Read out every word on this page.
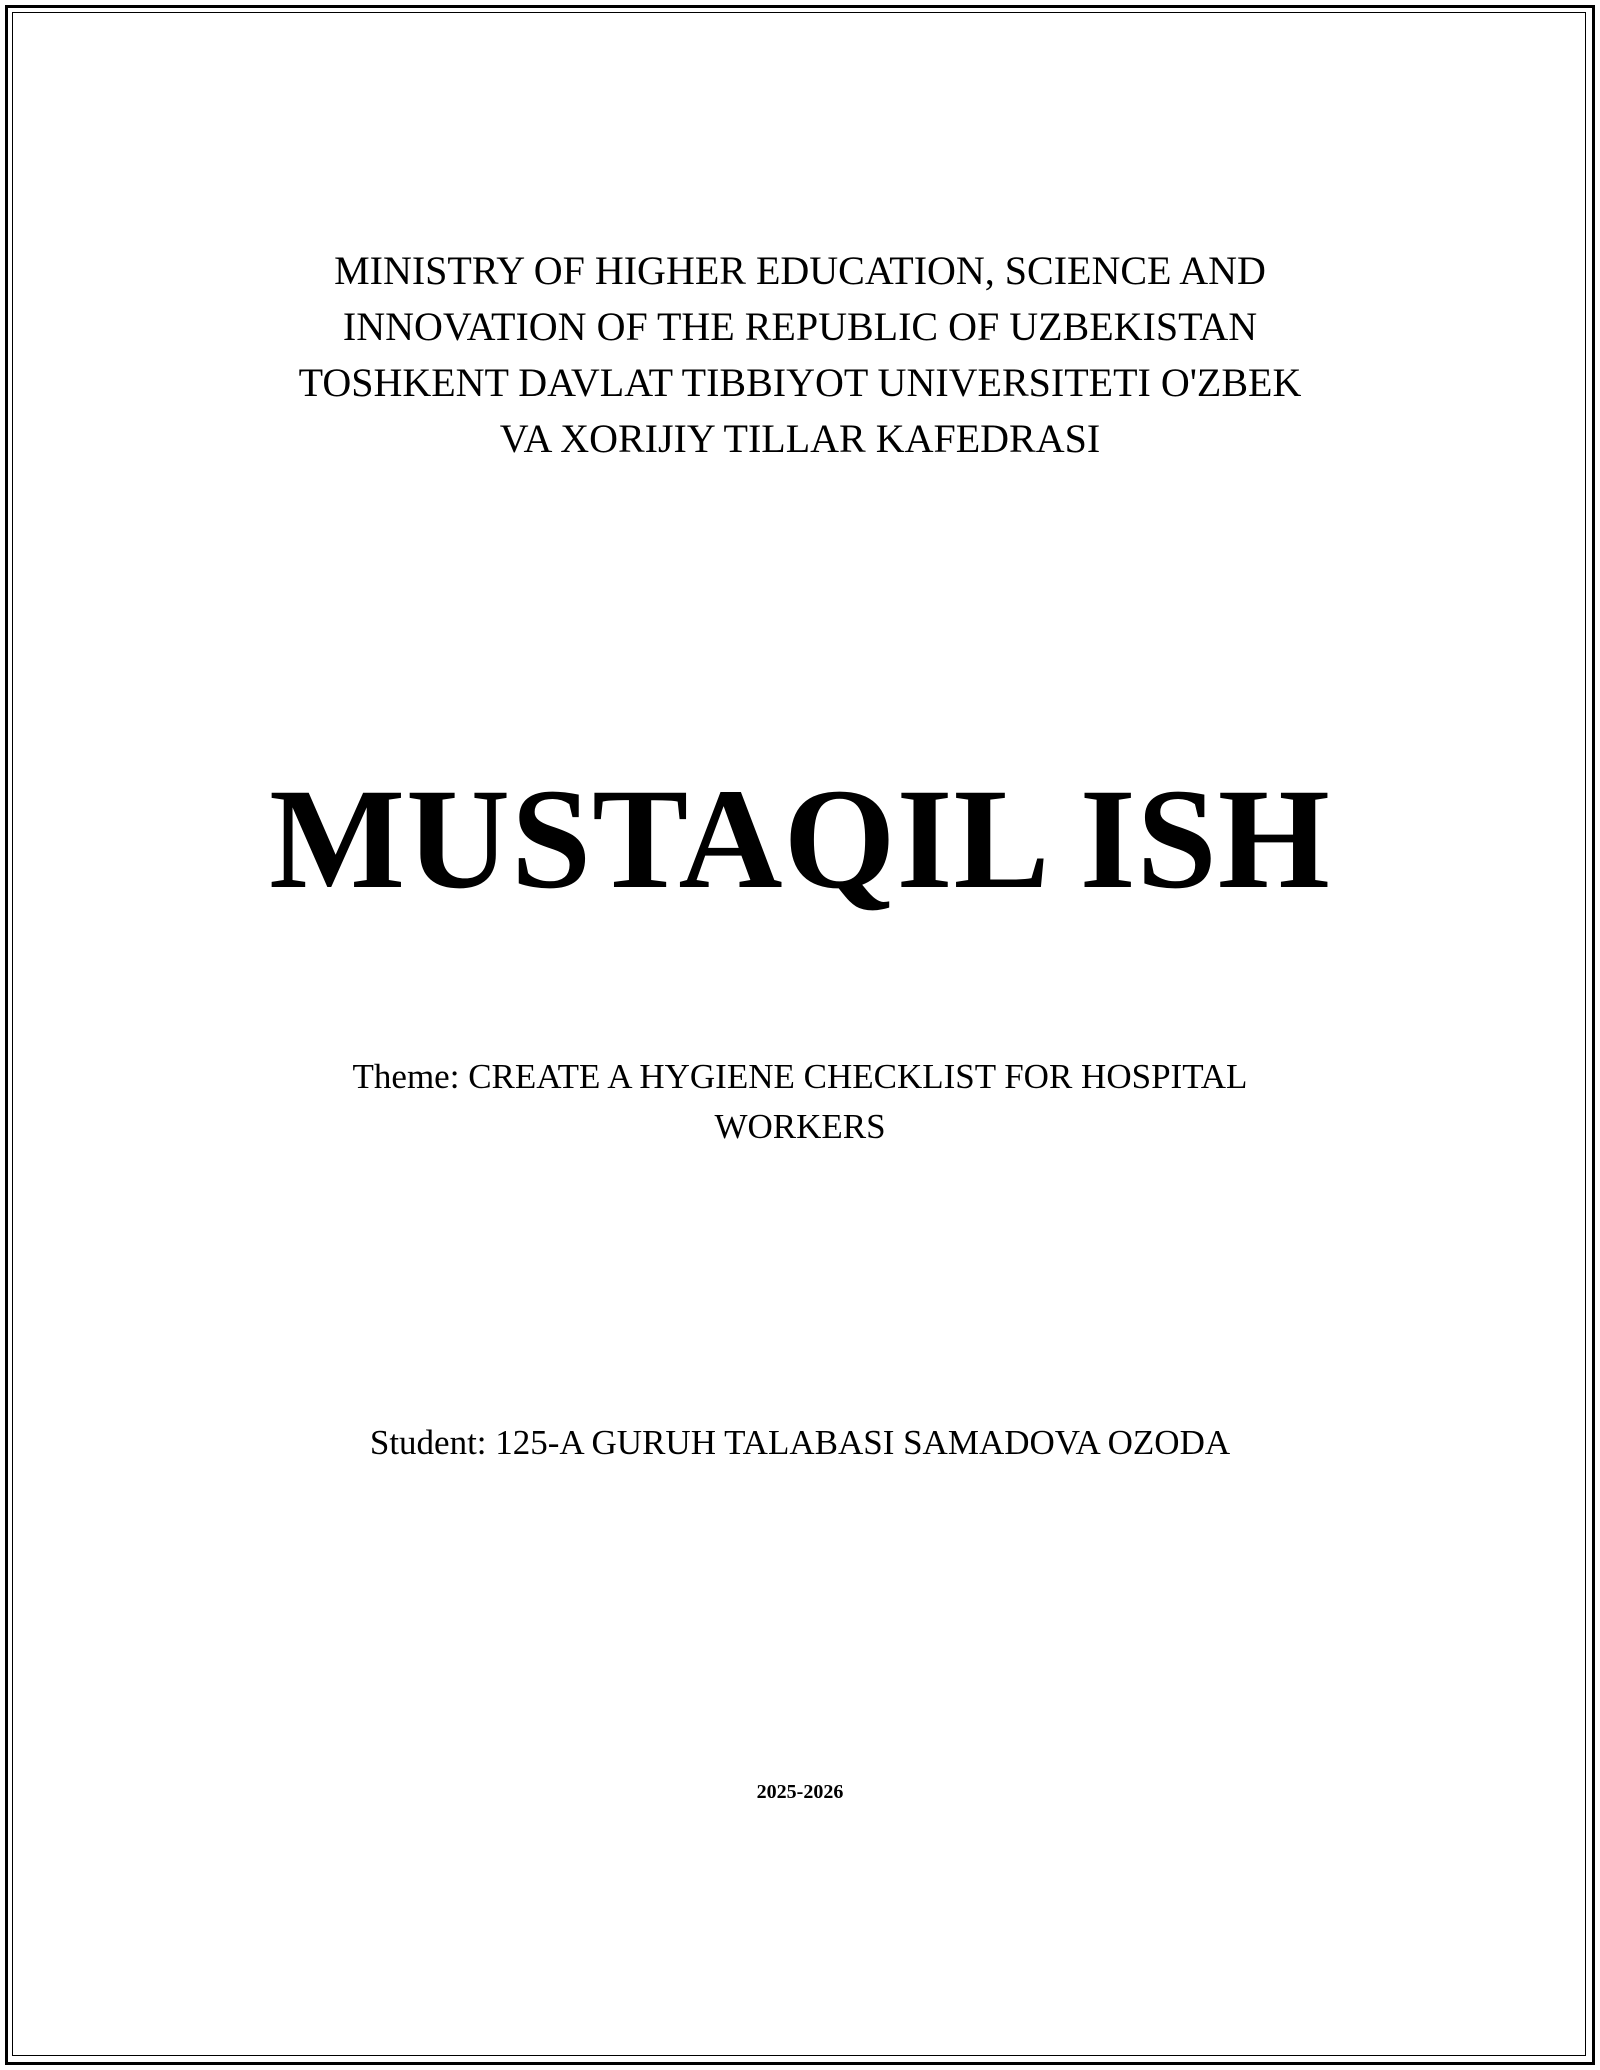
MINISTRY OF HIGHER EDUCATION, SCIENCE AND
INNOVATION OF THE REPUBLIC OF UZBEKISTAN
TOSHKENT DAVLAT TIBBIYOT UNIVERSITETI O'ZBEK
VA XORIJIY TILLAR KAFEDRASI
MUSTAQIL ISH
Theme: CREATE A HYGIENE CHECKLIST FOR HOSPITAL
WORKERS
Student: 125-A GURUH TALABASI SAMADOVA OZODA
2025-2026
